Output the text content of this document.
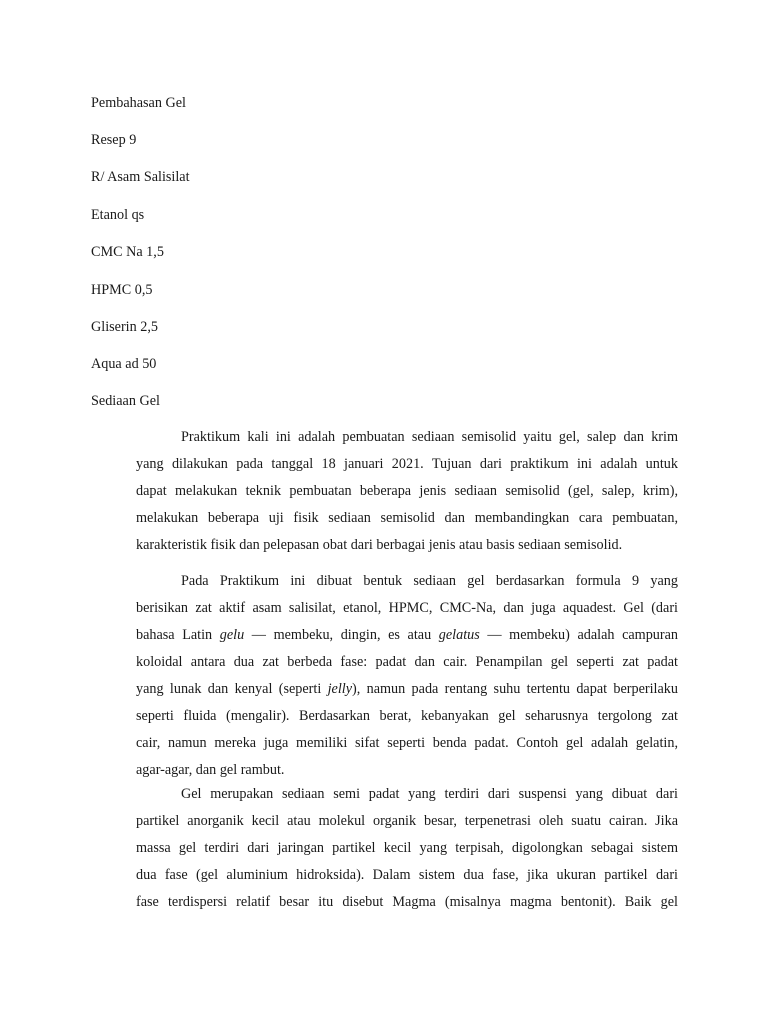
Pembahasan Gel
Resep 9
R/ Asam Salisilat
Etanol qs
CMC Na 1,5
HPMC 0,5
Gliserin 2,5
Aqua ad 50
Sediaan Gel
Praktikum kali ini adalah pembuatan sediaan semisolid yaitu gel, salep dan krim
yang dilakukan pada tanggal 18 januari 2021. Tujuan dari praktikum ini adalah untuk
dapat melakukan teknik pembuatan beberapa jenis sediaan semisolid (gel, salep, krim),
melakukan beberapa uji fisik sediaan semisolid dan membandingkan cara pembuatan,
karakteristik fisik dan pelepasan obat dari berbagai jenis atau basis sediaan semisolid.
Pada Praktikum ini dibuat bentuk sediaan gel berdasarkan formula 9 yang
berisikan zat aktif asam salisilat, etanol, HPMC, CMC-Na, dan juga aquadest. Gel (dari
bahasa Latin gelu — membeku, dingin, es atau gelatus — membeku) adalah campuran
koloidal antara dua zat berbeda fase: padat dan cair. Penampilan gel seperti zat padat
yang lunak dan kenyal (seperti jelly), namun pada rentang suhu tertentu dapat berperilaku
seperti fluida (mengalir). Berdasarkan berat, kebanyakan gel seharusnya tergolong zat
cair, namun mereka juga memiliki sifat seperti benda padat. Contoh gel adalah gelatin,
agar-agar, dan gel rambut.
Gel merupakan sediaan semi padat yang terdiri dari suspensi yang dibuat dari
partikel anorganik kecil atau molekul organik besar, terpenetrasi oleh suatu cairan. Jika
massa gel terdiri dari jaringan partikel kecil yang terpisah, digolongkan sebagai sistem
dua fase (gel aluminium hidroksida). Dalam sistem dua fase, jika ukuran partikel dari
fase terdispersi relatif besar itu disebut Magma (misalnya magma bentonit). Baik gel
